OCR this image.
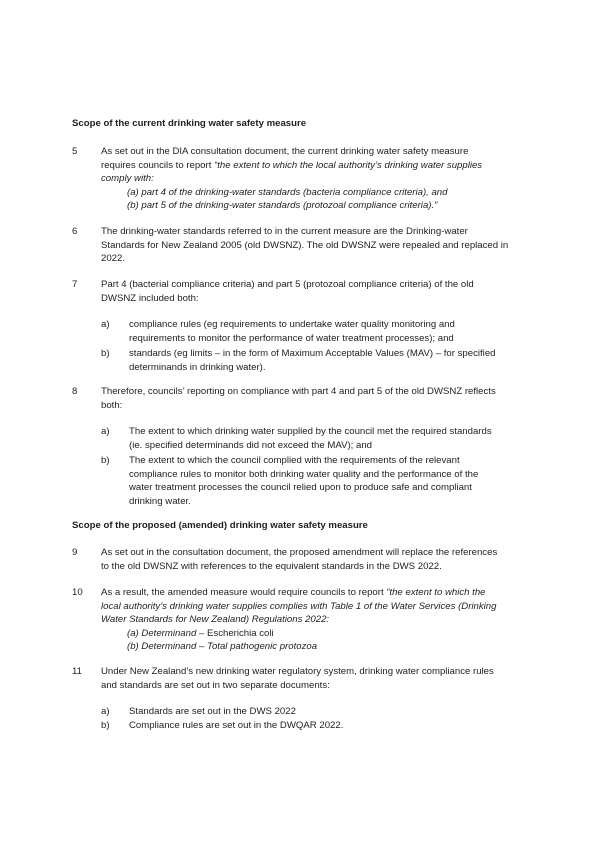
Scope of the current drinking water safety measure
5 As set out in the DIA consultation document, the current drinking water safety measure
requires councils to report “the extent to which the local authority’s drinking water supplies
comply with:
(a) part 4 of the drinking-water standards (bacteria compliance criteria), and
(b) part 5 of the drinking-water standards (protozoal compliance criteria).”
6 The drinking-water standards referred to in the current measure are the Drinking-water
Standards for New Zealand 2005 (old DWSNZ). The old DWSNZ were repealed and replaced in
2022.
7 Part 4 (bacterial compliance criteria) and part 5 (protozoal compliance criteria) of the old
DWSNZ included both:
a) compliance rules (eg requirements to undertake water quality monitoring and
requirements to monitor the performance of water treatment processes); and
b) standards (eg limits – in the form of Maximum Acceptable Values (MAV) – for specified
determinands in drinking water).
8 Therefore, councils’ reporting on compliance with part 4 and part 5 of the old DWSNZ reflects
both:
a) The extent to which drinking water supplied by the council met the required standards
(ie. specified determinands did not exceed the MAV); and
b) The extent to which the council complied with the requirements of the relevant
compliance rules to monitor both drinking water quality and the performance of the
water treatment processes the council relied upon to produce safe and compliant
drinking water.
Scope of the proposed (amended) drinking water safety measure
9 As set out in the consultation document, the proposed amendment will replace the references
to the old DWSNZ with references to the equivalent standards in the DWS 2022.
10 As a result, the amended measure would require councils to report “the extent to which the
local authority’s drinking water supplies complies with Table 1 of the Water Services (Drinking
Water Standards for New Zealand) Regulations 2022:
(a) Determinand – Escherichia coli
(b) Determinand – Total pathogenic protozoa
11 Under New Zealand’s new drinking water regulatory system, drinking water compliance rules
and standards are set out in two separate documents:
a) Standards are set out in the DWS 2022
b) Compliance rules are set out in the DWQAR 2022.
